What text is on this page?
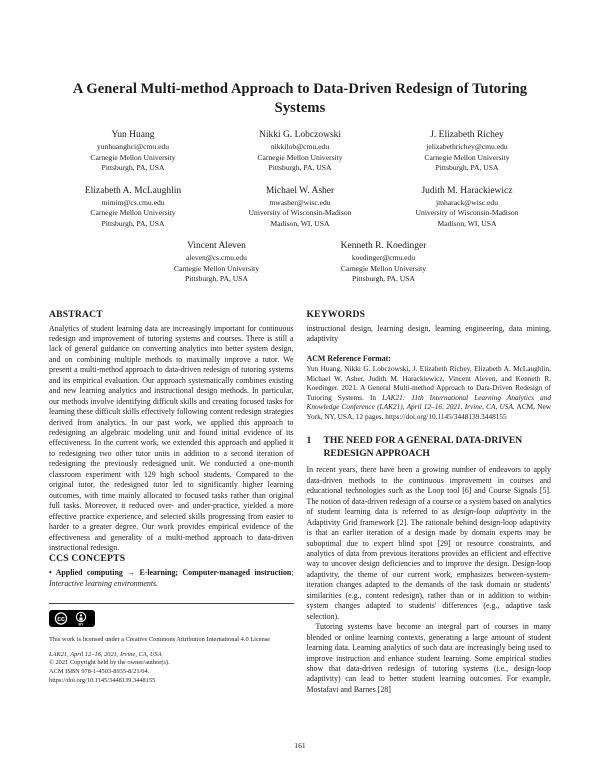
A General Multi-method Approach to Data-Driven Redesign of Tutoring Systems
Yun Huang
yunhuanghci@cmu.edu
Carnegie Mellon University
Pittsburgh, PA, USA
Nikki G. Lobczowski
nikkilob@cmu.edu
Carnegie Mellon University
Pittsburgh, PA, USA
J. Elizabeth Richey
jelizabethrichey@cmu.edu
Carnegie Mellon University
Pittsburgh, PA, USA
Elizabeth A. McLaughlin
mimim@cs.cmu.edu
Carnegie Mellon University
Pittsburgh, PA, USA
Michael W. Asher
mwasher@wisc.edu
University of Wisconsin-Madison
Madison, WI, USA
Judith M. Harackiewicz
jmharack@wisc.edu
University of Wisconsin-Madison
Madison, WI, USA
Vincent Aleven
aleven@cs.cmu.edu
Carnegie Mellon University
Pittsburgh, PA, USA
Kenneth R. Koedinger
koedinger@cmu.edu
Carnegie Mellon University
Pittsburgh, PA, USA
ABSTRACT

Analytics of student learning data are increasingly important for continuous redesign and improvement of tutoring systems and courses. There is still a lack of general guidance on converting analytics into better system design, and on combining multiple methods to maximally improve a tutor. We present a multi-method approach to data-driven redesign of tutoring systems and its empirical evaluation. Our approach systematically combines existing and new learning analytics and instructional design methods. In particular, our methods involve identifying difficult skills and creating focused tasks for learning these difficult skills effectively following content redesign strategies derived from analytics. In our past work, we applied this approach to redesigning an algebraic modeling unit and found initial evidence of its effectiveness. In the current work, we extended this approach and applied it to redesigning two other tutor units in addition to a second iteration of redesigning the previously redesigned unit. We conducted a one-month classroom experiment with 129 high school students. Compared to the original tutor, the redesigned tutor led to significantly higher learning outcomes, with time mainly allocated to focused tasks rather than original full tasks. Moreover, it reduced over- and under-practice, yielded a more effective practice experience, and selected skills progressing from easier to harder to a greater degree. Our work provides empirical evidence of the effectiveness and generality of a multi-method approach to data-driven instructional redesign.

CCS CONCEPTS

• Applied computing → E-learning; Computer-managed instruction; Interactive learning environments.

cc
BY

This work is licensed under a Creative Commons Attribution International 4.0 License

LAK21, April 12–16, 2021, Irvine, CA, USA
© 2021 Copyright held by the owner/author(s).
ACM ISBN 978-1-4503-8935-8/21/04.
https://doi.org/10.1145/3448139.3448155

KEYWORDS

instructional design, learning design, learning engineering, data mining, adaptivity

ACM Reference Format:

Yun Huang, Nikki G. Lobczowski, J. Elizabeth Richey, Elizabeth A. McLaughlin, Michael W. Asher, Judith M. Harackiewicz, Vincent Aleven, and Kenneth R. Koedinger. 2021. A General Multi-method Approach to Data-Driven Redesign of Tutoring Systems. In LAK21: 11th International Learning Analytics and Knowledge Conference (LAK21), April 12–16, 2021, Irvine, CA, USA. ACM, New York, NY, USA, 12 pages. https://doi.org/10.1145/3448139.3448155

1	THE NEED FOR A GENERAL DATA-DRIVEN REDESIGN APPROACH

In recent years, there have been a growing number of endeavors to apply data-driven methods to the continuous improvement in courses and educational technologies such as the Loop tool [6] and Course Signals [5]. The notion of data-driven redesign of a course or a system based on analytics of student learning data is referred to as design-loop adaptivity in the Adaptivity Grid framework [2]. The rationale behind design-loop adaptivity is that an earlier iteration of a design made by domain experts may be suboptimal due to expert blind spot [29] or resource constraints, and analytics of data from previous iterations provides an efficient and effective way to uncover design deficiencies and to improve the design. Design-loop adaptivity, the theme of our current work, emphasizes between-system-iteration changes adapted to the demands of the task domain or students' similarities (e.g., content redesign), rather than or in addition to within-system changes adapted to students' differences (e.g., adaptive task selection).

Tutoring systems have become an integral part of courses in many blended or online learning contexts, generating a large amount of student learning data. Learning analytics of such data are increasingly being used to improve instruction and enhance student learning. Some empirical studies show that data-driven redesign of tutoring systems (i.e., design-loop adaptivity) can lead to better student learning outcomes. For example, Mostafavi and Barnes [28]

161
